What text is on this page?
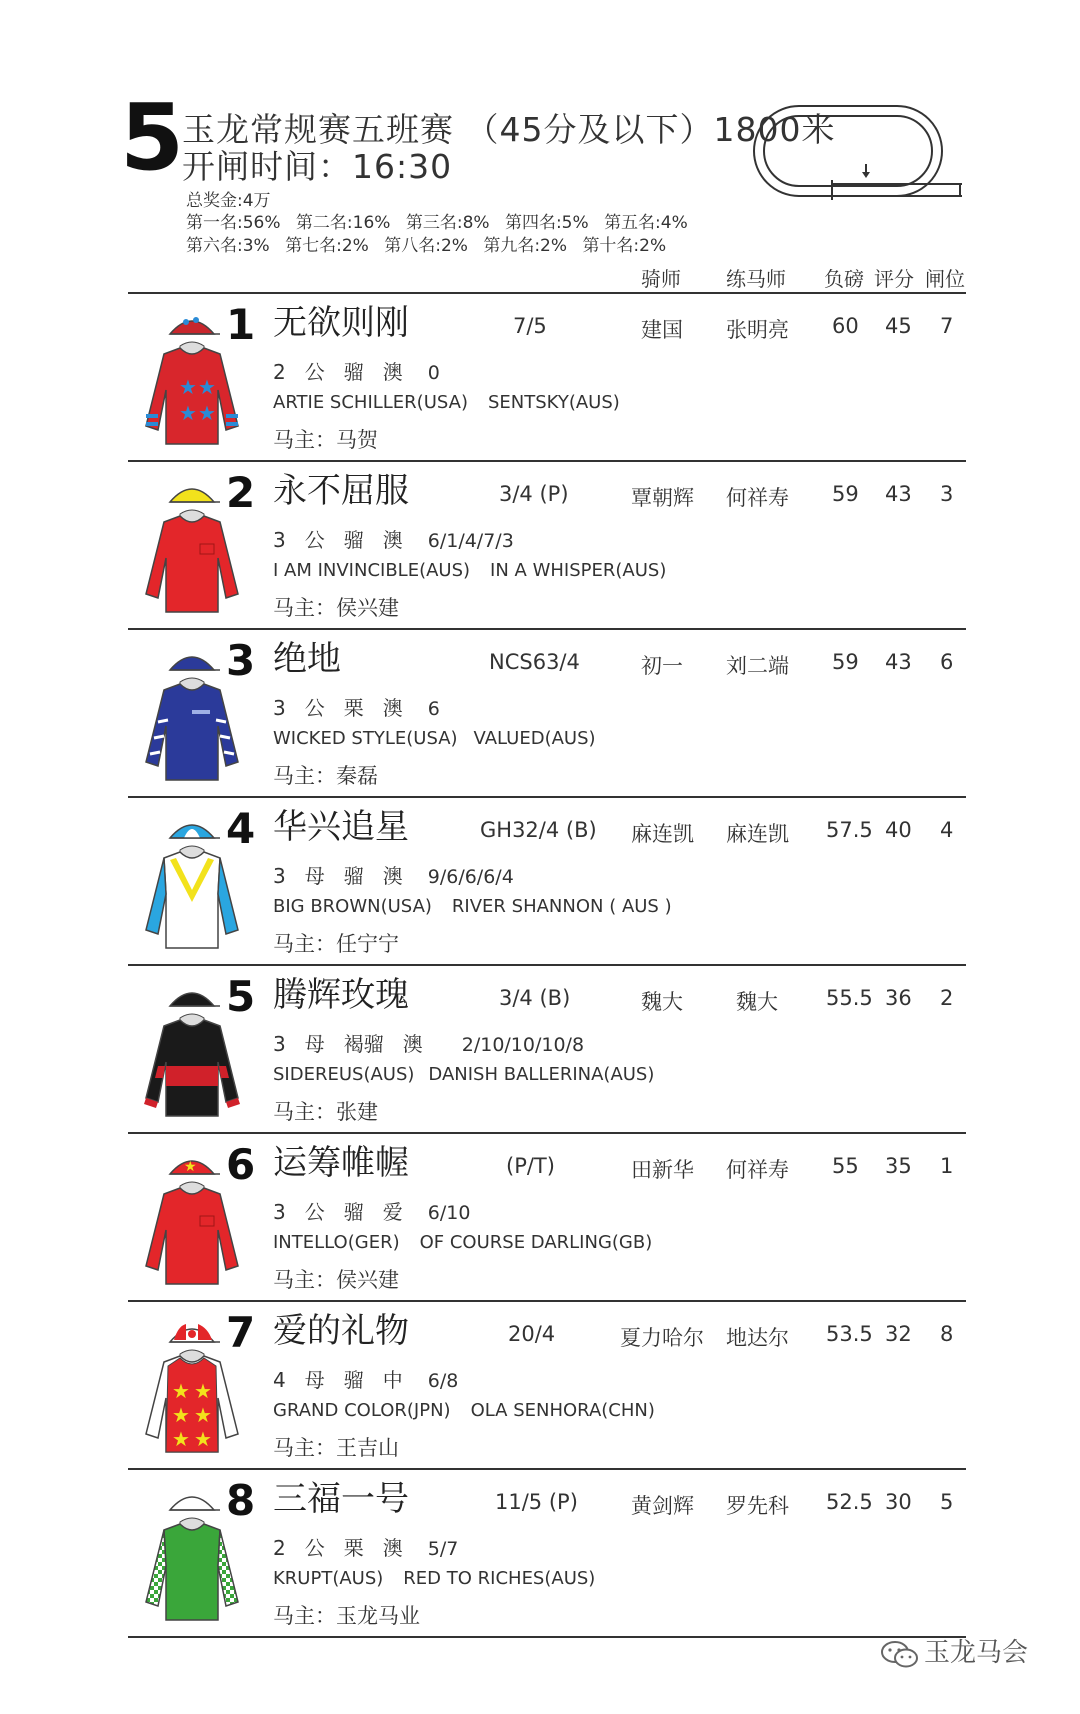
5
玉龙常规赛五班赛 （45分及以下）1800米
开闸时间：16:30
总奖金:4万
第一名:56% 第二名:16% 第三名:8% 第四名:5% 第五名:4%
第六名:3% 第七名:2% 第八名:2% 第九名:2% 第十名:2%
骑师 练马师 负磅 评分 闸位
★ ★
★ ★
1 无欲则刚	7/5	建国 张明亮 60 45 7
2 公 骝 澳 0
ARTIE SCHILLER(USA) SENTSKY(AUS)
马主：马贺
2 永不屈服	3/4 (P)	覃朝辉 何祥寿 59 43 3
3 公 骝 澳 6/1/4/7/3
I AM INVINCIBLE(AUS) IN A WHISPER(AUS)
马主：侯兴建
3 绝地	NCS63/4	初一 刘二端 59 43 6
3 公 栗 澳 6
WICKED STYLE(USA) VALUED(AUS)
马主：秦磊
4 华兴追星	GH32/4 (B) 麻连凯 麻连凯 57.5 40 4
3 母 骝 澳 9/6/6/6/4
BIG BROWN(USA) RIVER SHANNON ( AUS )
马主：任宁宁
5 腾辉玫瑰	3/4 (B)	魏大	魏大 55.5 36 2
3 母 褐骝 澳 2/10/10/10/8
SIDEREUS(AUS) DANISH BALLERINA(AUS)
马主：张建
★ 6 运筹帷幄	(P/T)	田新华 何祥寿 55 35 1
3 公 骝 爱 6/10
INTELLO(GER) OF COURSE DARLING(GB)
马主：侯兴建
★ ★
★ ★
★ ★
7 爱的礼物	20/4	夏力哈尔 地达尔 53.5 32 8
4 母 骝 中 6/8
GRAND COLOR(JPN) OLA SENHORA(CHN)
马主：王吉山
8 三福一号	11/5 (P)	黄剑辉 罗先科 52.5 30 5
2 公 栗 澳 5/7
KRUPT(AUS) RED TO RICHES(AUS)
马主：玉龙马业
玉龙马会
